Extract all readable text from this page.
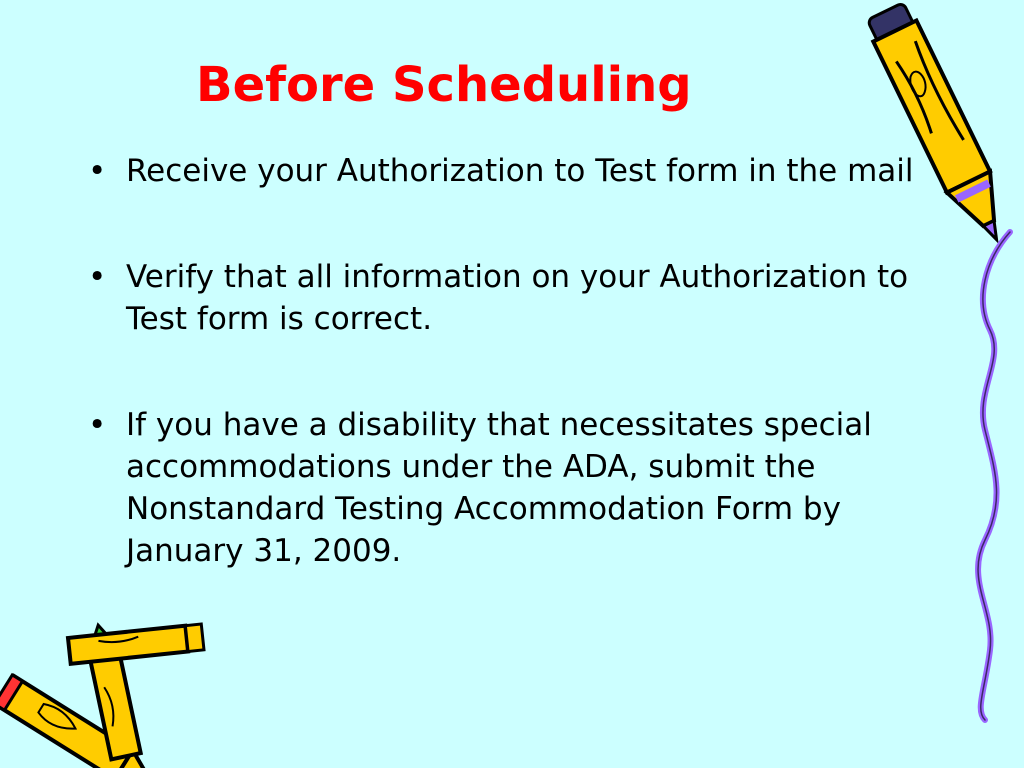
Before Scheduling
• Receive your Authorization to Test form in the mail
• Verify that all information on your Authorization to Test form is correct.
• If you have a disability that necessitates special accommodations under the ADA, submit the Nonstandard Testing Accommodation Form by January 31, 2009.
